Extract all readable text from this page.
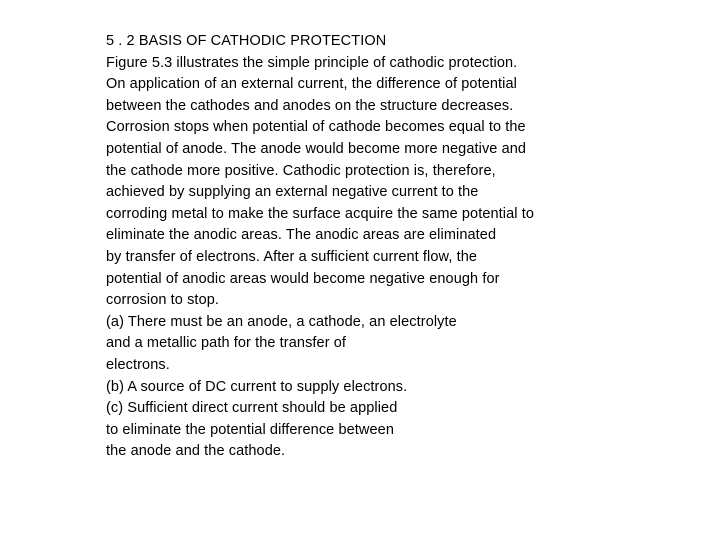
5 . 2 BASIS OF CATHODIC PROTECTION
Figure 5.3 illustrates the simple principle of cathodic protection.
On application of an external current, the difference of potential
between the cathodes and anodes on the structure decreases.
Corrosion stops when potential of cathode becomes equal to the
potential of anode. The anode would become more negative and
the cathode more positive. Cathodic protection is, therefore,
achieved by supplying an external negative current to the
corroding metal to make the surface acquire the same potential to
eliminate the anodic areas. The anodic areas are eliminated
by transfer of electrons. After a sufficient current flow, the
potential of anodic areas would become negative enough for
corrosion to stop.
(a) There must be an anode, a cathode, an electrolyte
and a metallic path for the transfer of
electrons.
(b) A source of DC current to supply electrons.
(c) Sufficient direct current should be applied
to eliminate the potential difference between
the anode and the cathode.
